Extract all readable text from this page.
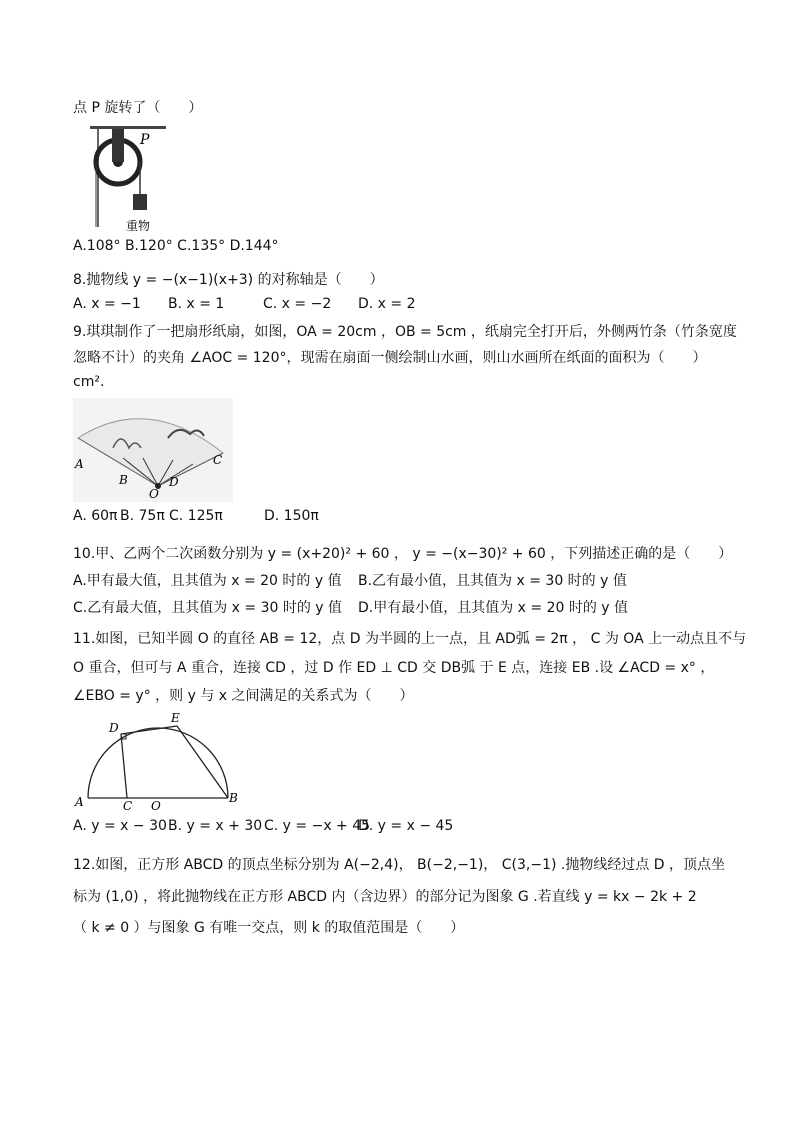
点 P 旋转了（　　）
P
重物
A.108° B.120° C.135° D.144°
8.抛物线 y = −(x−1)(x+3) 的对称轴是（　　）
A. x = −1 B. x = 1	C. x = −2 D. x = 2
9.琪琪制作了一把扇形纸扇，如图，OA = 20cm ，OB = 5cm ，纸扇完全打开后，外侧两竹条（竹条宽度
忽略不计）的夹角 ∠AOC = 120°，现需在扇面一侧绘制山水画，则山水画所在纸面的面积为（　　）
cm².
A
B
O
D
C
A. 60π B. 75π C. 125π	D. 150π
10.甲、乙两个二次函数分别为 y = (x+20)² + 60 ， y = −(x−30)² + 60 ，下列描述正确的是（　　）
A.甲有最大值，且其值为 x = 20 时的 y 值 B.乙有最小值，且其值为 x = 30 时的 y 值
C.乙有最大值，且其值为 x = 30 时的 y 值 D.甲有最小值，且其值为 x = 20 时的 y 值
11.如图，已知半圆 O 的直径 AB = 12，点 D 为半圆的上一点，且 AD弧 = 2π ， C 为 OA 上一动点且不与
O 重合，但可与 A 重合，连接 CD ，过 D 作 ED ⊥ CD 交 DB弧 于 E 点，连接 EB .设 ∠ACD = x° ，
∠EBO = y° ，则 y 与 x 之间满足的关系式为（　　）
D
E
A	C O
B
A. y = x − 30 B. y = x + 30 C. y = −x + 45
D. y = x − 45
12.如图，正方形 ABCD 的顶点坐标分别为 A(−2,4)， B(−2,−1)， C(3,−1) .抛物线经过点 D ，顶点坐
标为 (1,0) ，将此抛物线在正方形 ABCD 内（含边界）的部分记为图象 G .若直线 y = kx − 2k + 2
（ k ≠ 0 ）与图象 G 有唯一交点，则 k 的取值范围是（　　）
